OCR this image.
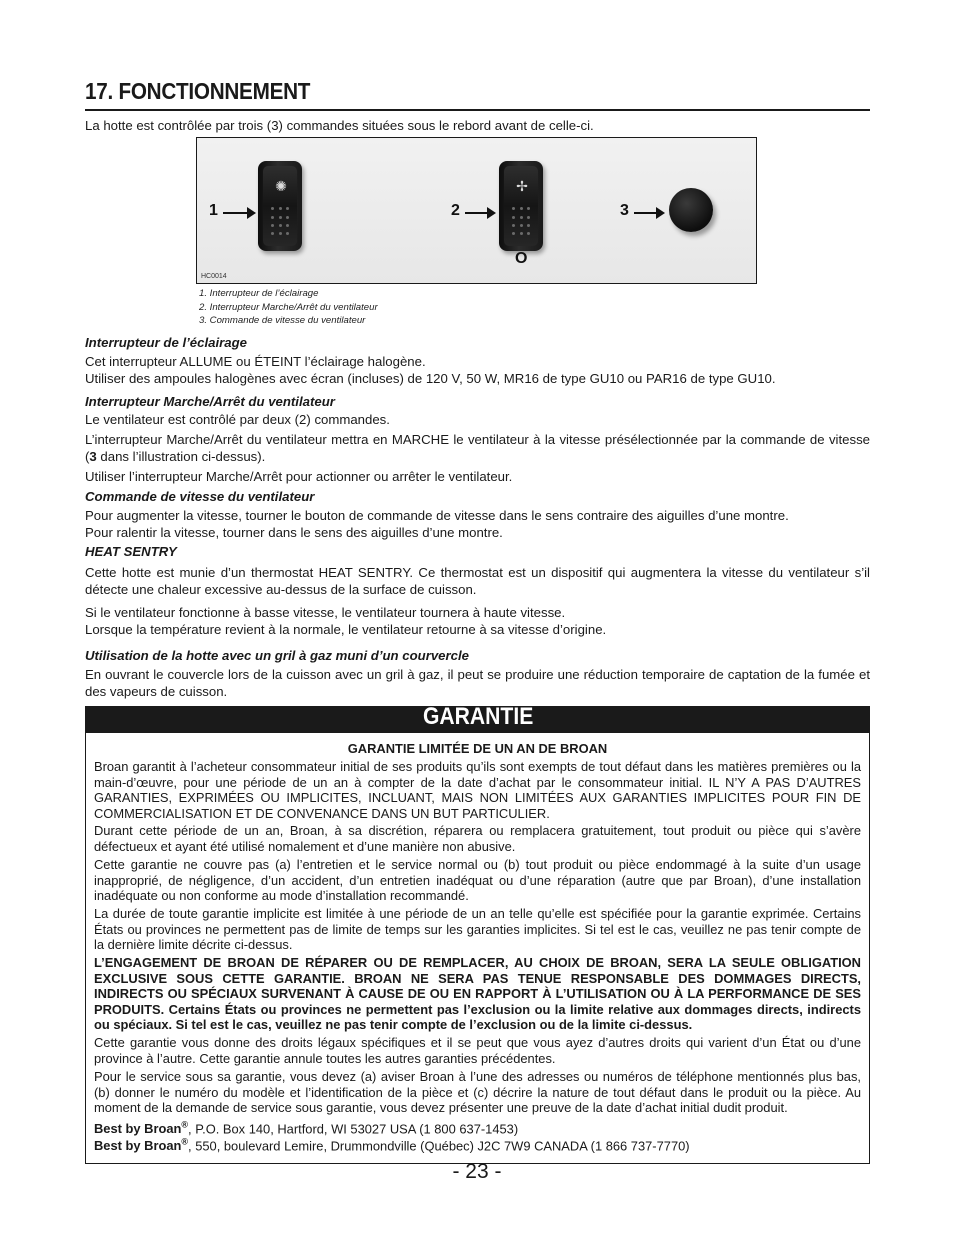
17. FONCTIONNEMENT
La hotte est contrôlée par trois (3) commandes situées sous le rebord avant de celle-ci.
1
✺
2
✢
O
3
HC0014
1. Interrupteur de l’éclairage
2. Interrupteur Marche/Arrêt du ventilateur
3. Commande de vitesse du ventilateur
Interrupteur de l’éclairage
Cet interrupteur ALLUME ou ÉTEINT l’éclairage halogène.
Utiliser des ampoules halogènes avec écran (incluses) de 120 V, 50 W, MR16 de type GU10 ou PAR16 de type GU10.
Interrupteur Marche/Arrêt du ventilateur
Le ventilateur est contrôlé par deux (2) commandes.
L’interrupteur Marche/Arrêt du ventilateur mettra en MARCHE le ventilateur à la vitesse présélectionnée par la commande de vitesse (3 dans l’illustration ci-dessus).
Utiliser l’interrupteur Marche/Arrêt pour actionner ou arrêter le ventilateur.
Commande de vitesse du ventilateur
Pour augmenter la vitesse, tourner le bouton de commande de vitesse dans le sens contraire des aiguilles d’une montre.
Pour ralentir la vitesse, tourner dans le sens des aiguilles d’une montre.
HEAT SENTRY
Cette hotte est munie d’un thermostat HEAT SENTRY. Ce thermostat est un dispositif qui augmentera la vitesse du ventilateur s’il détecte une chaleur excessive au-dessus de la surface de cuisson.
Si le ventilateur fonctionne à basse vitesse, le ventilateur tournera à haute vitesse.
Lorsque la température revient à la normale, le ventilateur retourne à sa vitesse d’origine.
Utilisation de la hotte avec un gril à gaz muni d’un courvercle
En ouvrant le couvercle lors de la cuisson avec un gril à gaz, il peut se produire une réduction temporaire de captation de la fumée et des vapeurs de cuisson.
GARANTIE
GARANTIE LIMITÉE DE UN AN DE BROAN
Broan garantit à l’acheteur consommateur initial de ses produits qu’ils sont exempts de tout défaut dans les matières premières ou la main-d’œuvre, pour une période de un an à compter de la date d’achat par le consommateur initial. IL N’Y A PAS D’AUTRES GARANTIES, EXPRIMÉES OU IMPLICITES, INCLUANT, MAIS NON LIMITÉES AUX GARANTIES IMPLICITES POUR FIN DE COMMERCIALISATION ET DE CONVENANCE DANS UN BUT PARTICULIER.
Durant cette période de un an, Broan, à sa discrétion, réparera ou remplacera gratuitement, tout produit ou pièce qui s’avère défectueux et ayant été utilisé nomalement et d’une manière non abusive.
Cette garantie ne couvre pas (a) l’entretien et le service normal ou (b) tout produit ou pièce endommagé à la suite d’un usage inapproprié, de négligence, d’un accident, d’un entretien inadéquat ou d’une réparation (autre que par Broan), d’une installation inadéquate ou non conforme au mode d’installation recommandé.
La durée de toute garantie implicite est limitée à une période de un an telle qu’elle est spécifiée pour la garantie exprimée. Certains États ou provinces ne permettent pas de limite de temps sur les garanties implicites. Si tel est le cas, veuillez ne pas tenir compte de la dernière limite décrite ci-dessus.
L’ENGAGEMENT DE BROAN DE RÉPARER OU DE REMPLACER, AU CHOIX DE BROAN, SERA LA SEULE OBLIGATION EXCLUSIVE SOUS CETTE GARANTIE. BROAN NE SERA PAS TENUE RESPONSABLE DES DOMMAGES DIRECTS, INDIRECTS OU SPÉCIAUX SURVENANT À CAUSE DE OU EN RAPPORT À L’UTILISATION OU À LA PERFORMANCE DE SES PRODUITS. Certains États ou provinces ne permettent pas l’exclusion ou la limite relative aux dommages directs, indirects ou spéciaux. Si tel est le cas, veuillez ne pas tenir compte de l’exclusion ou de la limite ci-dessus.
Cette garantie vous donne des droits légaux spécifiques et il se peut que vous ayez d’autres droits qui varient d’un État ou d’une province à l’autre. Cette garantie annule toutes les autres garanties précédentes.
Pour le service sous sa garantie, vous devez (a) aviser Broan à l’une des adresses ou numéros de téléphone mentionnés plus bas, (b) donner le numéro du modèle et l’identification de la pièce et (c) décrire la nature de tout défaut dans le produit ou la pièce. Au moment de la demande de service sous garantie, vous devez présenter une preuve de la date d’achat initial dudit produit.
Best by Broan®, P.O. Box 140, Hartford, WI 53027 USA (1 800 637-1453)
Best by Broan®, 550, boulevard Lemire, Drummondville (Québec) J2C 7W9 CANADA (1 866 737-7770)
- 23 -
